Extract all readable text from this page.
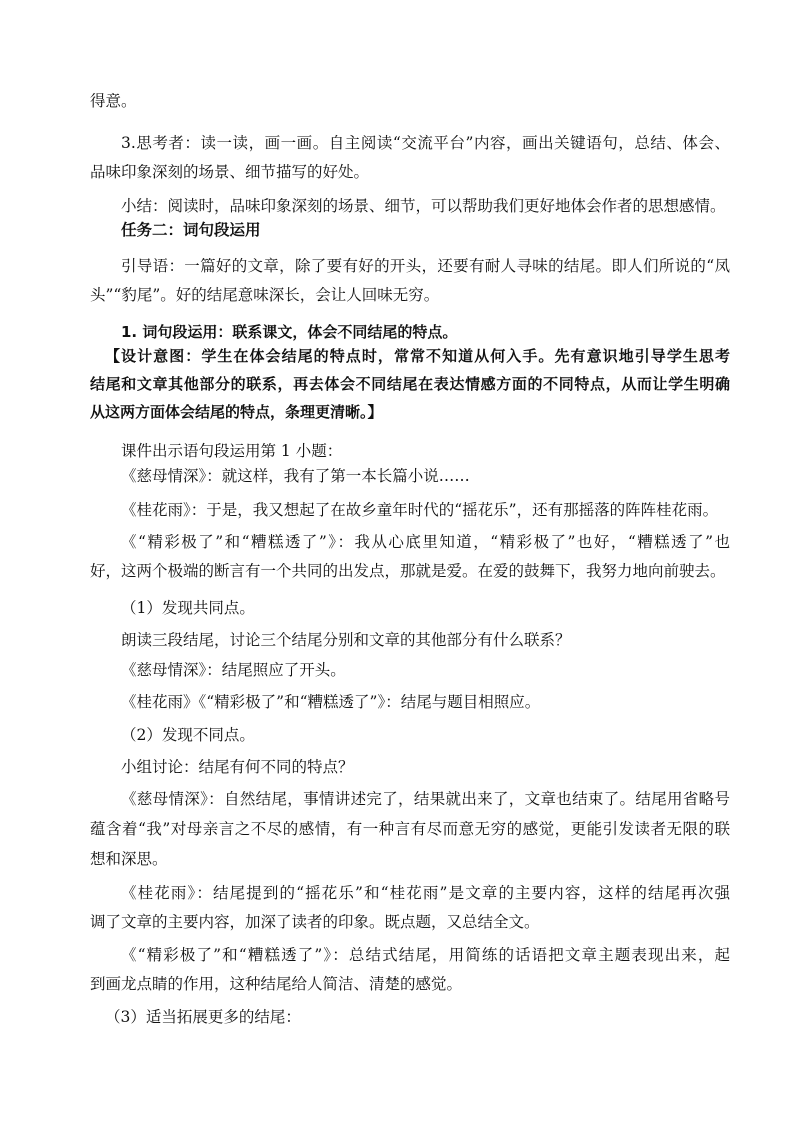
得意。
3.思考者：读一读，画一画。自主阅读“交流平台”内容，画出关键语句，总结、体会、
品味印象深刻的场景、细节描写的好处。
小结：阅读时，品味印象深刻的场景、细节，可以帮助我们更好地体会作者的思想感情。
任务二：词句段运用
引导语：一篇好的文章，除了要有好的开头，还要有耐人寻味的结尾。即人们所说的“凤
头”“豹尾”。好的结尾意味深长，会让人回味无穷。
1. 词句段运用：联系课文，体会不同结尾的特点。
【设计意图：学生在体会结尾的特点时，常常不知道从何入手。先有意识地引导学生思考
结尾和文章其他部分的联系，再去体会不同结尾在表达情感方面的不同特点，从而让学生明确
从这两方面体会结尾的特点，条理更清晰。】
课件出示语句段运用第 1 小题：
《慈母情深》：就这样，我有了第一本长篇小说……
《桂花雨》：于是，我又想起了在故乡童年时代的“摇花乐”，还有那摇落的阵阵桂花雨。
《“精彩极了”和“糟糕透了”》：我从心底里知道，“精彩极了”也好，“糟糕透了”也
好，这两个极端的断言有一个共同的出发点，那就是爱。在爱的鼓舞下，我努力地向前驶去。
（1）发现共同点。
朗读三段结尾，讨论三个结尾分别和文章的其他部分有什么联系？
《慈母情深》：结尾照应了开头。
《桂花雨》《“精彩极了”和“糟糕透了”》：结尾与题目相照应。
（2）发现不同点。
小组讨论：结尾有何不同的特点？
《慈母情深》：自然结尾，事情讲述完了，结果就出来了，文章也结束了。结尾用省略号
蕴含着“我”对母亲言之不尽的感情，有一种言有尽而意无穷的感觉，更能引发读者无限的联
想和深思。
《桂花雨》：结尾提到的“摇花乐”和“桂花雨”是文章的主要内容，这样的结尾再次强
调了文章的主要内容，加深了读者的印象。既点题，又总结全文。
《“精彩极了”和“糟糕透了”》：总结式结尾，用简练的话语把文章主题表现出来，起
到画龙点睛的作用，这种结尾给人简洁、清楚的感觉。
（3）适当拓展更多的结尾：
